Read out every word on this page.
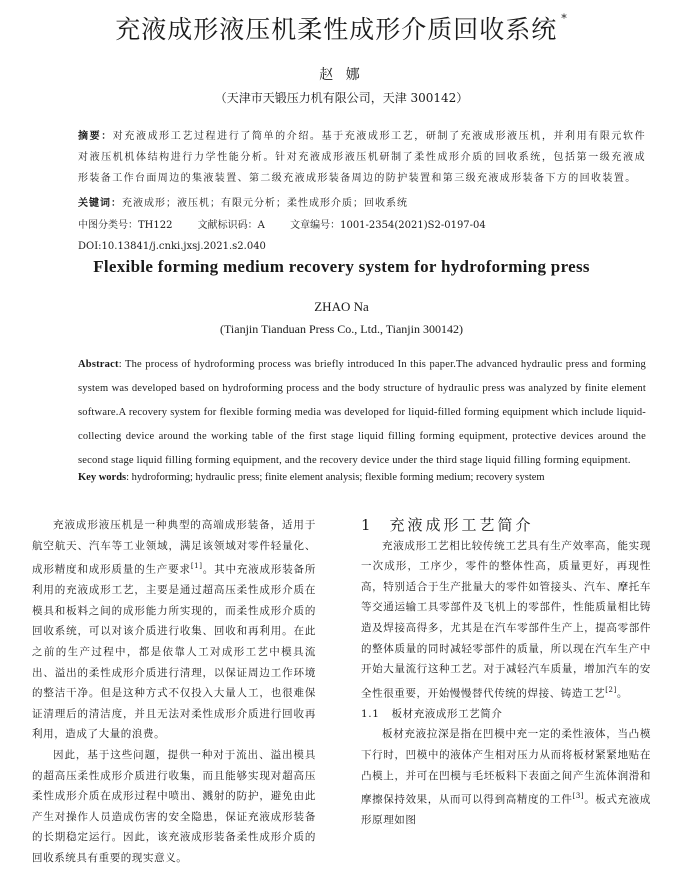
充液成形液压机柔性成形介质回收系统 *
赵 娜
（天津市天锻压力机有限公司，天津 300142）
摘要：对充液成形工艺过程进行了简单的介绍。基于充液成形工艺，研制了充液成形液压机，并利用有限元软件对液压机机体结构进行力学性能分析。针对充液成形液压机研制了柔性成形介质的回收系统，包括第一级充液成形装备工作台面周边的集液装置、第二级充液成形装备周边的防护装置和第三级充液成形装备下方的回收装置。
关键词：充液成形；液压机；有限元分析；柔性成形介质；回收系统
中图分类号：TH122	文献标识码：A	文章编号：1001-2354(2021)S2-0197-04
DOI:10.13841/j.cnki.jxsj.2021.s2.040
Flexible forming medium recovery system for hydroforming press
ZHAO Na
(Tianjin Tianduan Press Co., Ltd., Tianjin 300142)
Abstract: The process of hydroforming process was briefly introduced In this paper.The advanced hydraulic press and forming system was developed based on hydroforming process and the body structure of hydraulic press was analyzed by finite element software.A recovery system for flexible forming media was developed for liquid-filled forming equipment which include liquid-collecting device around the working table of the first stage liquid filling forming equipment, protective devices around the second stage liquid filling forming equipment, and the recovery device under the third stage liquid filling forming equipment.
Key words: hydroforming; hydraulic press; finite element analysis; flexible forming medium; recovery system

充液成形液压机是一种典型的高端成形装备，适用于航空航天、汽车等工业领域，满足该领域对零件轻量化、成形精度和成形质量的生产要求[1]。其中充液成形装备所利用的充液成形工艺，主要是通过超高压柔性成形介质在模具和板料之间的成形能力所实现的，而柔性成形介质的回收系统，可以对该介质进行收集、回收和再利用。在此之前的生产过程中，都是依靠人工对成形工艺中模具流出、溢出的柔性成形介质进行清理，以保证周边工作环境的整洁干净。但是这种方式不仅投入大量人工，也很难保证清理后的清洁度，并且无法对柔性成形介质进行回收再利用，造成了大量的浪费。

因此，基于这些问题，提供一种对于流出、溢出模具的超高压柔性成形介质进行收集，而且能够实现对超高压柔性成形介质在成形过程中喷出、溅射的防护，避免由此产生对操作人员造成伤害的安全隐患，保证充液成形装备的长期稳定运行。因此，该充液成形装备柔性成形介质的回收系统具有重要的现实意义。

1 充液成形工艺简介

充液成形工艺相比较传统工艺具有生产效率高，能实现一次成形，工序少，零件的整体性高，质量更好，再现性高，特别适合于生产批量大的零件如管接头、汽车、摩托车等交通运输工具零部件及飞机上的零部件，性能质量相比铸造及焊接高得多，尤其是在汽车零部件生产上，提高零部件的整体质量的同时减轻零部件的质量，所以现在汽车生产中开始大量流行这种工艺。对于减轻汽车质量，增加汽车的安全性很重要，开始慢慢替代传统的焊接、铸造工艺[2]。

1.1 板材充液成形工艺简介

板材充液拉深是指在凹模中充一定的柔性液体，当凸模下行时，凹模中的液体产生相对压力从而将板材紧紧地贴在凸模上，并可在凹模与毛坯板料下表面之间产生流体润滑和摩擦保持效果，从而可以得到高精度的工件[3]。板式充液成形原理如图
